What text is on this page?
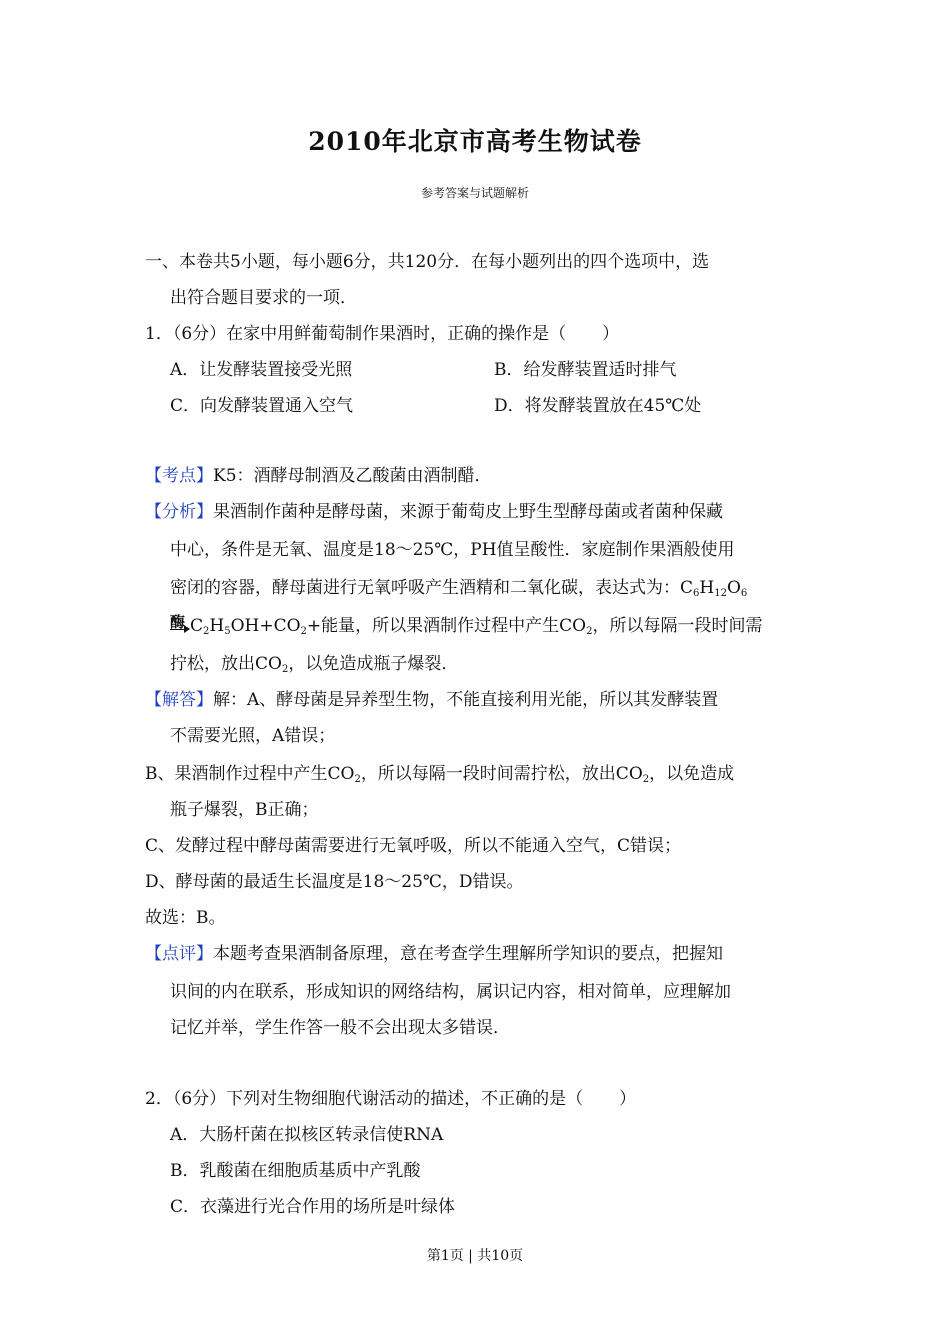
2010年北京市高考生物试卷
参考答案与试题解析
一、本卷共5小题，每小题6分，共120分．在每小题列出的四个选项中，选
出符合题目要求的一项．
1．（6分）在家中用鲜葡萄制作果酒时，正确的操作是（ ）
A．让发酵装置接受光照	B．给发酵装置适时排气
C．向发酵装置通入空气	D．将发酵装置放在45℃处
【考点】K5：酒酵母制酒及乙酸菌由酒制醋．
【分析】果酒制作菌种是酵母菌，来源于葡萄皮上野生型酵母菌或者菌种保藏
中心，条件是无氧、温度是18～25℃，PH值呈酸性．家庭制作果酒般使用
密闭的容器，酵母菌进行无氧呼吸产生酒精和二氧化碳，表达式为：$C_6H_{12}O_6$
酶 $C_2H_5OH+CO_2+$能量，所以果酒制作过程中产生$CO_2$，所以每隔一段时间需
拧松，放出$CO_2$，以免造成瓶子爆裂．
【解答】解：A、酵母菌是异养型生物，不能直接利用光能，所以其发酵装置
不需要光照，A错误；
B、果酒制作过程中产生$CO_2$，所以每隔一段时间需拧松，放出$CO_2$，以免造成
瓶子爆裂，B正确；
C、发酵过程中酵母菌需要进行无氧呼吸，所以不能通入空气，C错误；
D、酵母菌的最适生长温度是18～25℃，D错误。
故选：B。
【点评】本题考查果酒制备原理，意在考查学生理解所学知识的要点，把握知
识间的内在联系，形成知识的网络结构，属识记内容，相对简单，应理解加
记忆并举，学生作答一般不会出现太多错误．
2．（6分）下列对生物细胞代谢活动的描述，不正确的是（ ）
A．大肠杆菌在拟核区转录信使RNA
B．乳酸菌在细胞质基质中产乳酸
C．衣藻进行光合作用的场所是叶绿体
第1页 | 共10页
